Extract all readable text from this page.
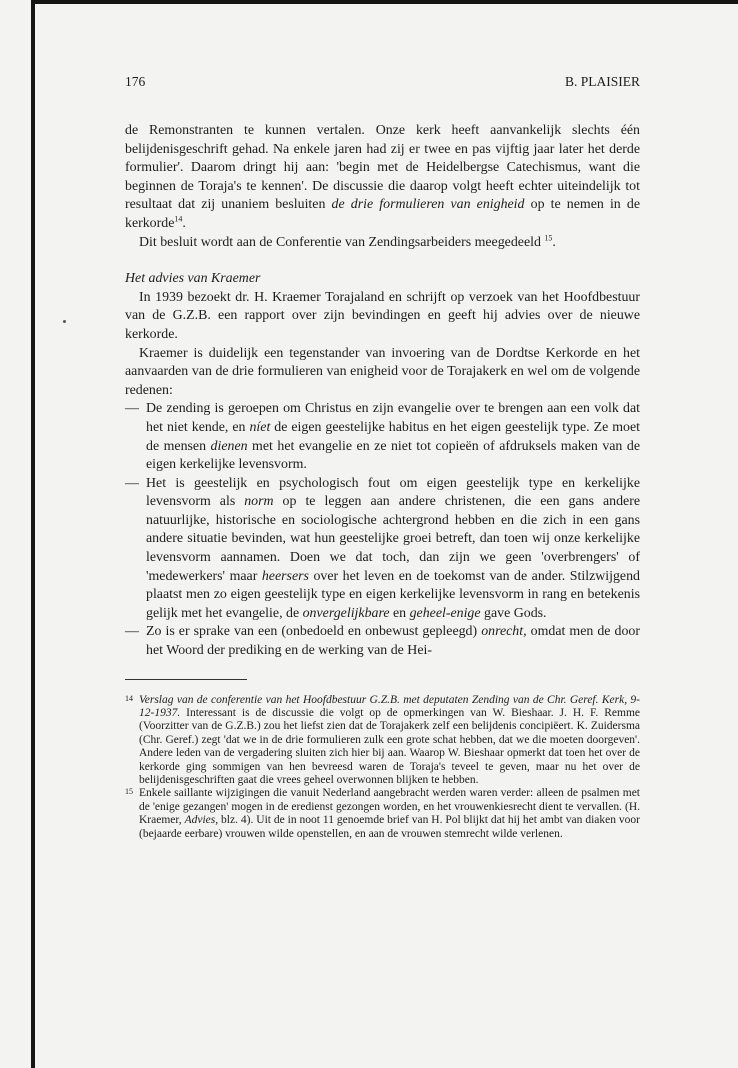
176	B. PLAISIER

de Remonstranten te kunnen vertalen. Onze kerk heeft aanvankelijk slechts één belijdenisgeschrift gehad. Na enkele jaren had zij er twee en pas vijftig jaar later het derde formulier'. Daarom dringt hij aan: 'begin met de Heidelbergse Catechismus, want die beginnen de Toraja's te kennen'. De discussie die daarop volgt heeft echter uiteindelijk tot resultaat dat zij unaniem besluiten de drie formulieren van enigheid op te nemen in de kerkorde$^{14}$.

Dit besluit wordt aan de Conferentie van Zendingsarbeiders meegedeeld $^{15}$.

Het advies van Kraemer

In 1939 bezoekt dr. H. Kraemer Torajaland en schrijft op verzoek van het Hoofdbestuur van de G.Z.B. een rapport over zijn bevindingen en geeft hij advies over de nieuwe kerkorde.

Kraemer is duidelijk een tegenstander van invoering van de Dordtse Kerkorde en het aanvaarden van de drie formulieren van enigheid voor de Torajakerk en wel om de volgende redenen:

— De zending is geroepen om Christus en zijn evangelie over te brengen aan een volk dat het niet kende, en níet de eigen geestelijke habitus en het eigen geestelijk type. Ze moet de mensen dienen met het evangelie en ze niet tot copieën of afdruksels maken van de eigen kerkelijke levensvorm.
— Het is geestelijk en psychologisch fout om eigen geestelijk type en kerkelijke levensvorm als norm op te leggen aan andere christenen, die een gans andere natuurlijke, historische en sociologische achtergrond hebben en die zich in een gans andere situatie bevinden, wat hun geestelijke groei betreft, dan toen wij onze kerkelijke levensvorm aannamen. Doen we dat toch, dan zijn we geen 'overbrengers' of 'medewerkers' maar heersers over het leven en de toekomst van de ander. Stilzwijgend plaatst men zo eigen geestelijk type en eigen kerkelijke levensvorm in rang en betekenis gelijk met het evangelie, de onvergelijkbare en geheel-enige gave Gods.
— Zo is er sprake van een (onbedoeld en onbewust gepleegd) onrecht, omdat men de door het Woord der prediking en de werking van de Hei-
14 Verslag van de conferentie van het Hoofdbestuur G.Z.B. met deputaten Zending van de Chr. Geref. Kerk, 9-12-1937. Interessant is de discussie die volgt op de opmerkingen van W. Bieshaar. J. H. F. Remme (Voorzitter van de G.Z.B.) zou het liefst zien dat de Torajakerk zelf een belijdenis concipiëert. K. Zuidersma (Chr. Geref.) zegt 'dat we in de drie formulieren zulk een grote schat hebben, dat we die moeten doorgeven'. Andere leden van de vergadering sluiten zich hier bij aan. Waarop W. Bieshaar opmerkt dat toen het over de kerkorde ging sommigen van hen bevreesd waren de Toraja's teveel te geven, maar nu het over de belijdenisgeschriften gaat die vrees geheel overwonnen blijken te hebben.
15 Enkele saillante wijzigingen die vanuit Nederland aangebracht werden waren verder: alleen de psalmen met de 'enige gezangen' mogen in de eredienst gezongen worden, en het vrouwenkiesrecht dient te vervallen. (H. Kraemer, Advies, blz. 4). Uit de in noot 11 genoemde brief van H. Pol blijkt dat hij het ambt van diaken voor (bejaarde eerbare) vrouwen wilde openstellen, en aan de vrouwen stemrecht wilde verlenen.
